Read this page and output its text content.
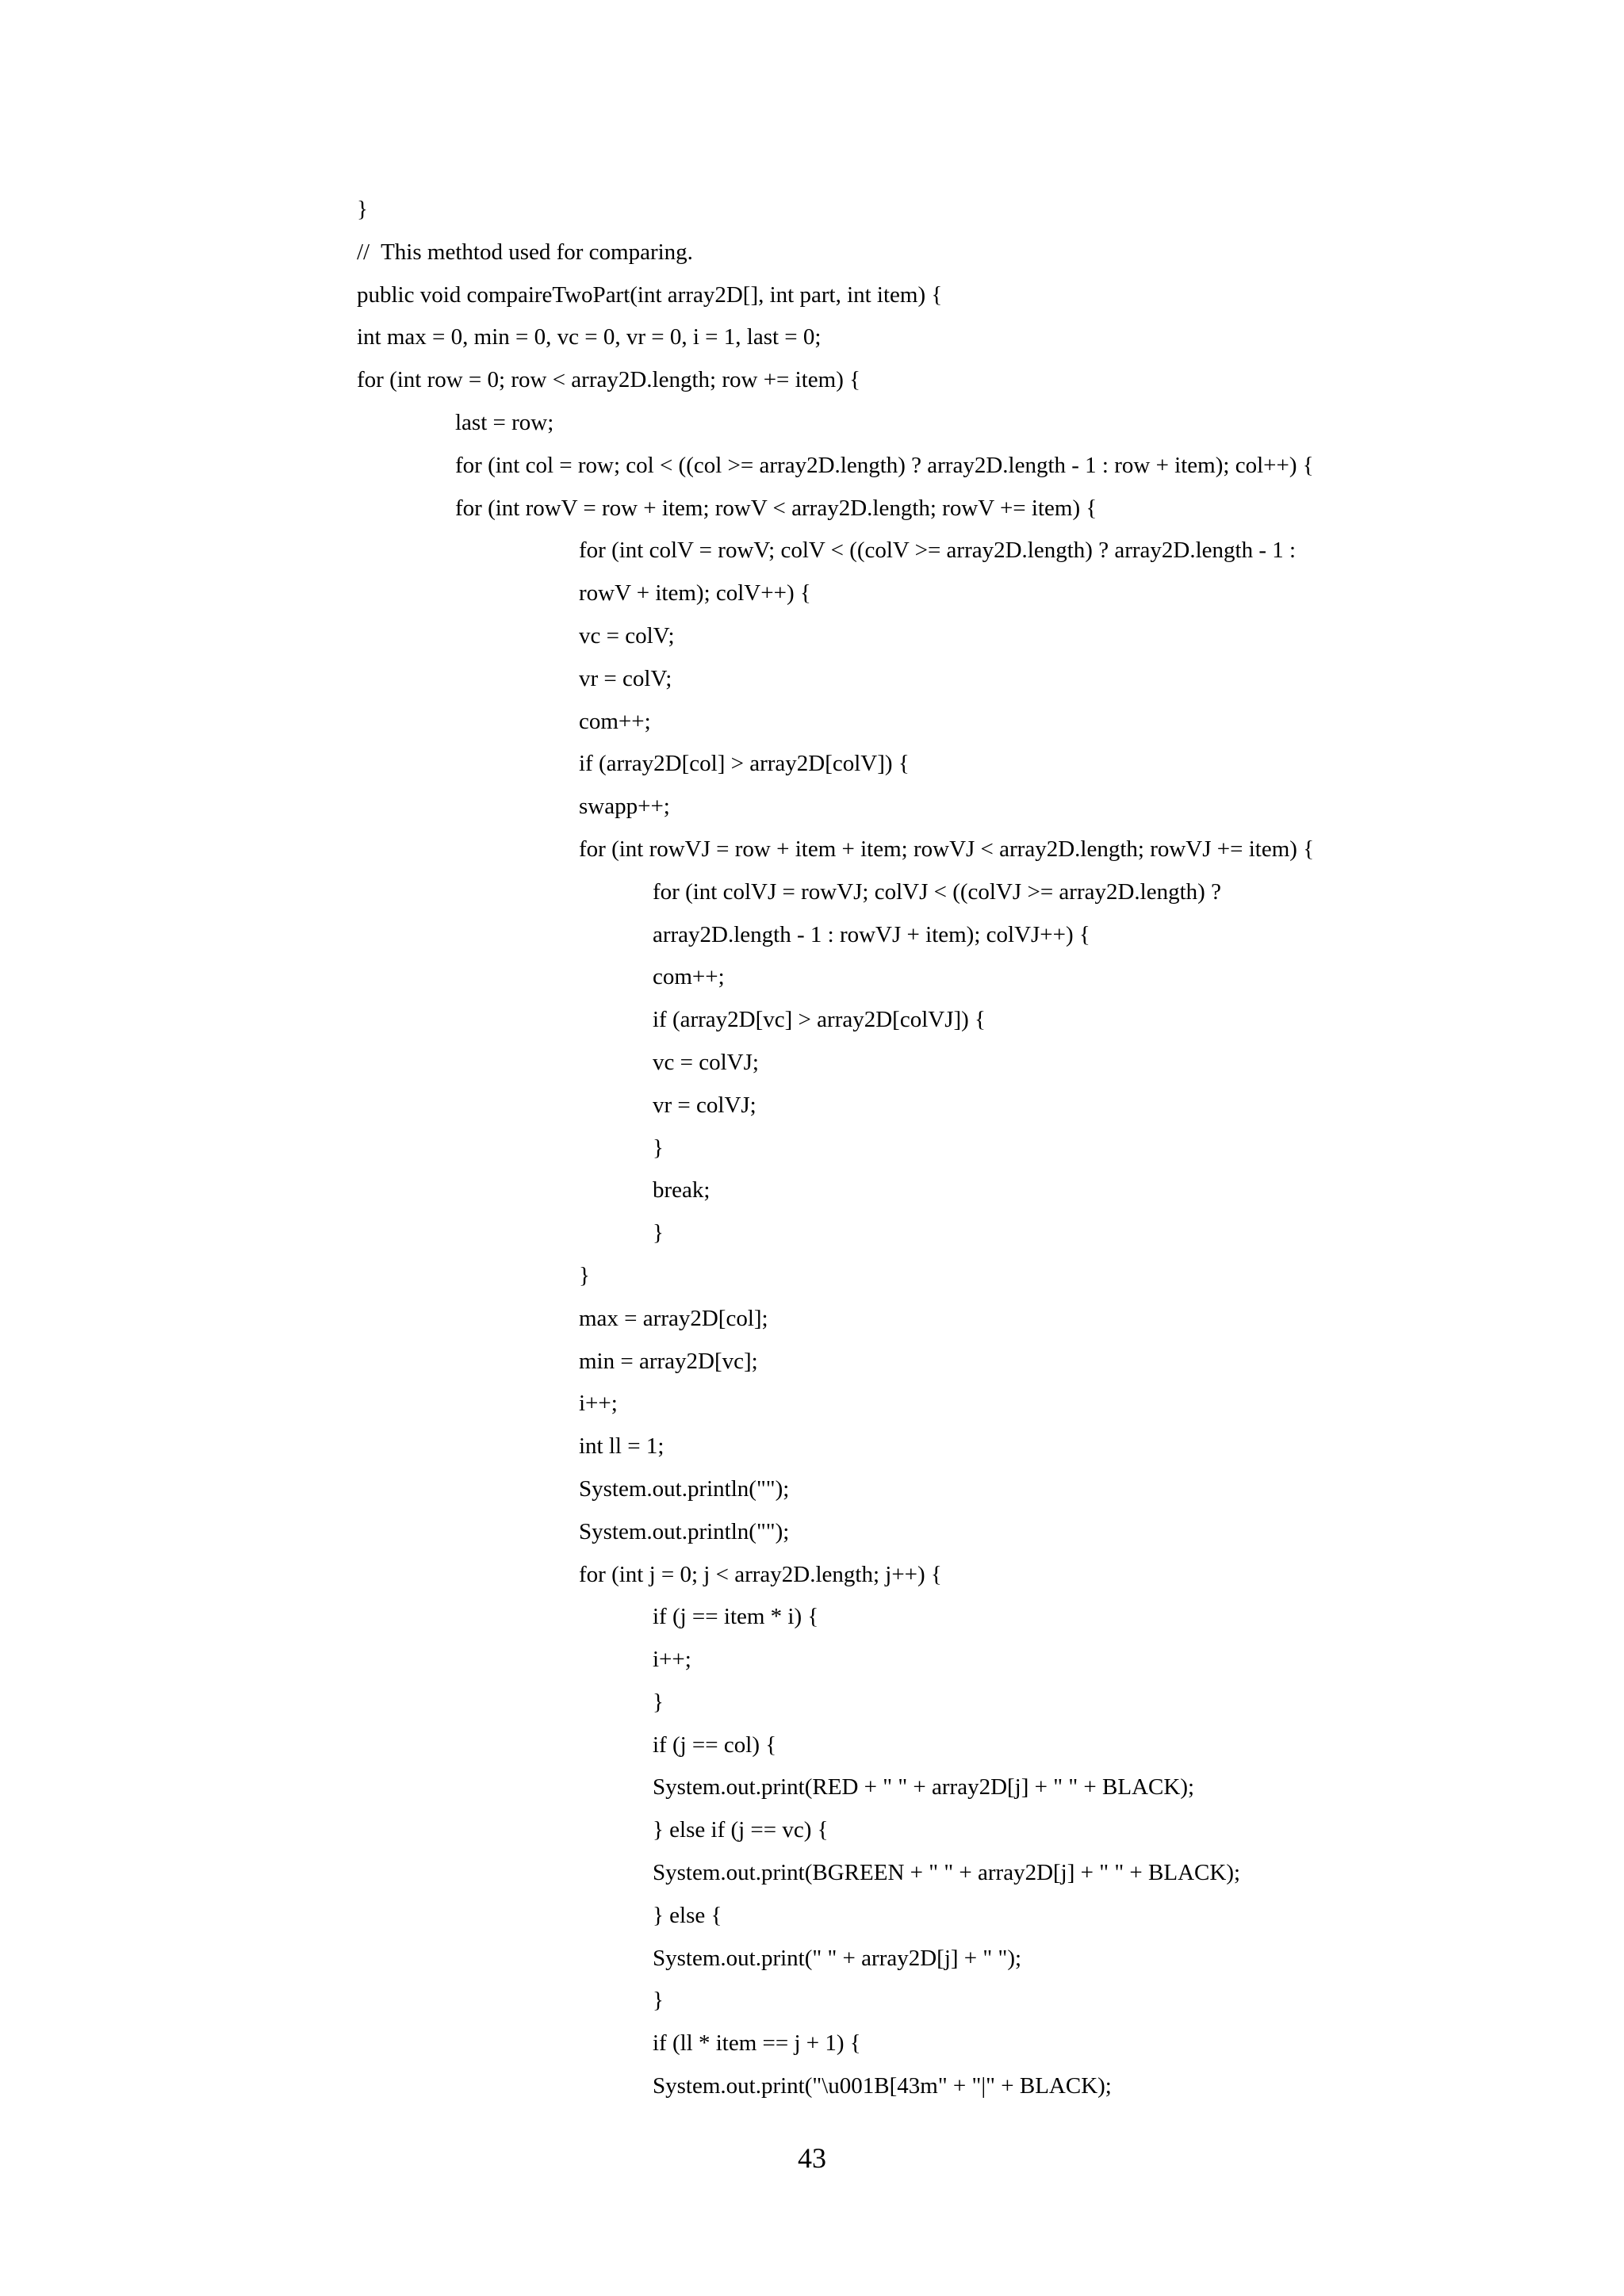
}
//  This methtod used for comparing.
public void compaireTwoPart(int array2D[], int part, int item) {
int max = 0, min = 0, vc = 0, vr = 0, i = 1, last = 0;
for (int row = 0; row < array2D.length; row += item) {
last = row;
for (int col = row; col < ((col >= array2D.length) ? array2D.length - 1 : row + item); col++) {
for (int rowV = row + item; rowV < array2D.length; rowV += item) {
for (int colV = rowV; colV < ((colV >= array2D.length) ? array2D.length - 1 :
rowV + item); colV++) {
vc = colV;
vr = colV;
com++;
if (array2D[col] > array2D[colV]) {
swapp++;
for (int rowVJ = row + item + item; rowVJ < array2D.length; rowVJ += item) {
for (int colVJ = rowVJ; colVJ < ((colVJ >= array2D.length) ?
array2D.length - 1 : rowVJ + item); colVJ++) {
com++;
if (array2D[vc] > array2D[colVJ]) {
vc = colVJ;
vr = colVJ;
}
break;
}
}
max = array2D[col];
min = array2D[vc];
i++;
int ll = 1;
System.out.println("");
System.out.println("");
for (int j = 0; j < array2D.length; j++) {
if (j == item * i) {
i++;
}
if (j == col) {
System.out.print(RED + " " + array2D[j] + " " + BLACK);
} else if (j == vc) {
System.out.print(BGREEN + " " + array2D[j] + " " + BLACK);
} else {
System.out.print(" " + array2D[j] + " ");
}
if (ll * item == j + 1) {
System.out.print("\u001B[43m" + "|" + BLACK);
43
